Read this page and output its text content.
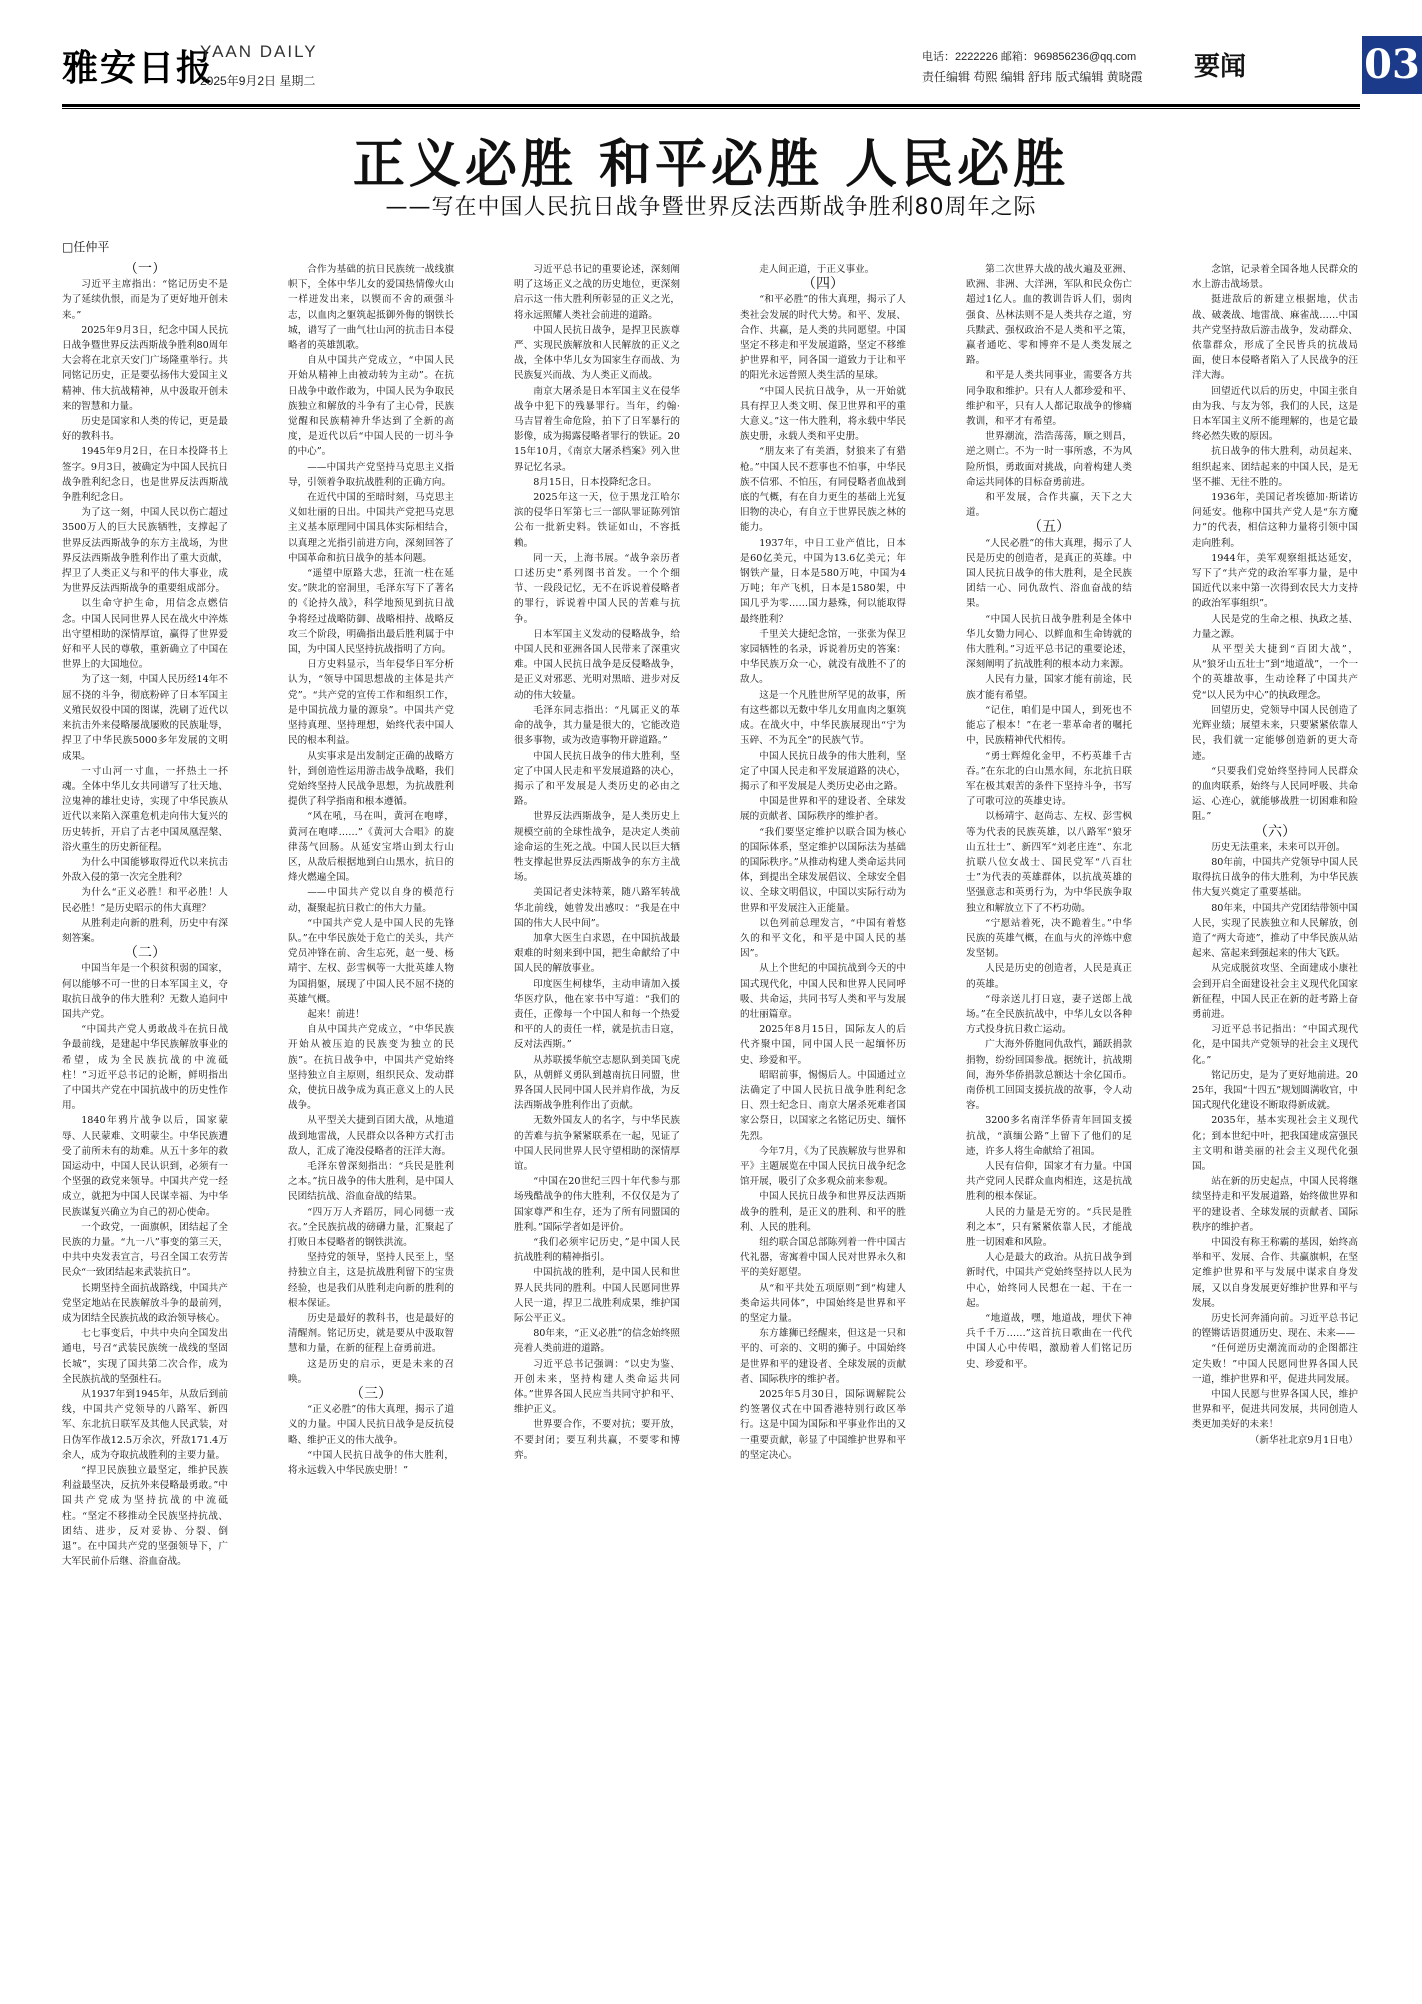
雅安日报
YAAN DAILY
2025年9月2日 星期二
电话：2222226 邮箱：969856236@qq.com
责任编辑 苟熙 编辑 舒玮 版式编辑 黄晓霞 要闻	03
正义必胜 和平必胜 人民必胜
——写在中国人民抗日战争暨世界反法西斯战争胜利80周年之际
□任仲平

（一）

习近平主席指出：“铭记历史不是为了延续仇恨，而是为了更好地开创未来。”

2025年9月3日，纪念中国人民抗日战争暨世界反法西斯战争胜利80周年大会将在北京天安门广场隆重举行。共同铭记历史，正是要弘扬伟大爱国主义精神、伟大抗战精神，从中汲取开创未来的智慧和力量。

历史是国家和人类的传记，更是最好的教科书。

1945年9月2日，在日本投降书上签字。9月3日，被确定为中国人民抗日战争胜利纪念日，也是世界反法西斯战争胜利纪念日。

为了这一刻，中国人民以伤亡超过3500万人的巨大民族牺牲，支撑起了世界反法西斯战争的东方主战场，为世界反法西斯战争胜利作出了重大贡献，捍卫了人类正义与和平的伟大事业，成为世界反法西斯战争的重要组成部分。

以生命守护生命，用信念点燃信念。中国人民同世界人民在战火中淬炼出守望相助的深情厚谊，赢得了世界爱好和平人民的尊敬，重新确立了中国在世界上的大国地位。

为了这一刻，中国人民历经14年不屈不挠的斗争，彻底粉碎了日本军国主义殖民奴役中国的图谋，洗刷了近代以来抗击外来侵略屡战屡败的民族耻辱，捍卫了中华民族5000多年发展的文明成果。

一寸山河一寸血，一抔热土一抔魂。全体中华儿女共同谱写了壮天地、泣鬼神的雄壮史诗，实现了中华民族从近代以来陷入深重危机走向伟大复兴的历史转折，开启了古老中国凤凰涅槃、浴火重生的历史新征程。

为什么中国能够取得近代以来抗击外敌入侵的第一次完全胜利？

为什么“正义必胜！和平必胜！人民必胜！”是历史昭示的伟大真理？

从胜利走向新的胜利，历史中有深刻答案。

（二）

中国当年是一个积贫积弱的国家，何以能够不可一世的日本军国主义，夺取抗日战争的伟大胜利？无数人追问中国共产党。

“中国共产党人勇敢战斗在抗日战争最前线，是建起中华民族解放事业的希望，成为全民族抗战的中流砥柱！”习近平总书记的论断，鲜明指出了中国共产党在中国抗战中的历史性作用。

1840年鸦片战争以后，国家蒙辱、人民蒙难、文明蒙尘。中华民族遭受了前所未有的劫难。从五十多年的救国运动中，中国人民认识到，必须有一个坚强的政党来领导。中国共产党一经成立，就把为中国人民谋幸福、为中华民族谋复兴确立为自己的初心使命。

一个政党，一面旗帜，团结起了全民族的力量。“九一八”事变的第三天，中共中央发表宣言，号召全国工农劳苦民众“一致团结起来武装抗日”。

长期坚持全面抗战路线，中国共产党坚定地站在民族解放斗争的最前列，成为团结全民族抗战的政治领导核心。

七七事变后，中共中央向全国发出通电，号召“武装民族统一战线的坚固长城”，实现了国共第二次合作，成为全民族抗战的坚强柱石。

从1937年到1945年，从敌后到前线，中国共产党领导的八路军、新四军、东北抗日联军及其他人民武装，对日伪军作战12.5万余次，歼敌171.4万余人，成为夺取抗战胜利的主要力量。

“捍卫民族独立最坚定，维护民族利益最坚决，反抗外来侵略最勇敢。”中国共产党成为坚持抗战的中流砥柱。“坚定不移推动全民族坚持抗战、团结、进步，反对妥协、分裂、倒退”。在中国共产党的坚强领导下，广大军民前仆后继、浴血奋战。

合作为基础的抗日民族统一战线旗帜下，全体中华儿女的爱国热情像火山一样迸发出来，以锲而不舍的顽强斗志，以血肉之躯筑起抵御外侮的钢铁长城，谱写了一曲气壮山河的抗击日本侵略者的英雄凯歌。

自从中国共产党成立，“中国人民开始从精神上由被动转为主动”。在抗日战争中敢作敢为，中国人民为争取民族独立和解放的斗争有了主心骨，民族觉醒和民族精神升华达到了全新的高度，是近代以后“中国人民的一切斗争的中心”。

——中国共产党坚持马克思主义指导，引领着争取抗战胜利的正确方向。

在近代中国的至暗时刻，马克思主义如壮丽的日出。中国共产党把马克思主义基本原理同中国具体实际相结合，以真理之光指引前进方向，深刻回答了中国革命和抗日战争的基本问题。

“遥望中原路大悲，狂流一柱在延安。”陕北的窑洞里，毛泽东写下了著名的《论持久战》，科学地预见到抗日战争将经过战略防御、战略相持、战略反攻三个阶段，明确指出最后胜利属于中国，为中国人民坚持抗战指明了方向。

日方史料显示，当年侵华日军分析认为，“领导中国思想战的主体是共产党”。“共产党的宣传工作和组织工作，是中国抗战力量的源泉”。中国共产党坚持真理、坚持理想，始终代表中国人民的根本利益。

从实事求是出发制定正确的战略方针，到创造性运用游击战争战略，我们党始终坚持人民战争思想，为抗战胜利提供了科学指南和根本遵循。

“风在吼，马在叫，黄河在咆哮，黄河在咆哮……”《黄河大合唱》的旋律荡气回肠。从延安宝塔山到太行山区，从敌后根据地到白山黑水，抗日的烽火燃遍全国。

——中国共产党以自身的模范行动，凝聚起抗日救亡的伟大力量。

“中国共产党人是中国人民的先锋队。”在中华民族处于危亡的关头，共产党员冲锋在前、舍生忘死，赵一曼、杨靖宇、左权、彭雪枫等一大批英雄人物为国捐躯，展现了中国人民不屈不挠的英雄气概。

起来！前进！

自从中国共产党成立，“中华民族开始从被压迫的民族变为独立的民族”。在抗日战争中，中国共产党始终坚持独立自主原则，组织民众、发动群众，使抗日战争成为真正意义上的人民战争。

从平型关大捷到百团大战，从地道战到地雷战，人民群众以各种方式打击敌人，汇成了淹没侵略者的汪洋大海。

毛泽东曾深刻指出：“兵民是胜利之本。”抗日战争的伟大胜利，是中国人民团结抗战、浴血奋战的结果。

“四万万人齐蹈厉，同心同德一戎衣。”全民族抗战的磅礴力量，汇聚起了打败日本侵略者的钢铁洪流。

坚持党的领导，坚持人民至上，坚持独立自主，这是抗战胜利留下的宝贵经验，也是我们从胜利走向新的胜利的根本保证。

历史是最好的教科书，也是最好的清醒剂。铭记历史，就是要从中汲取智慧和力量，在新的征程上奋勇前进。

这是历史的启示，更是未来的召唤。

（三）

“正义必胜”的伟大真理，揭示了道义的力量。中国人民抗日战争是反抗侵略、维护正义的伟大战争。

“中国人民抗日战争的伟大胜利，将永远载入中华民族史册！”

习近平总书记的重要论述，深刻阐明了这场正义之战的历史地位，更深刻启示这一伟大胜利所彰显的正义之光，将永远照耀人类社会前进的道路。

中国人民抗日战争，是捍卫民族尊严、实现民族解放和人民解放的正义之战，全体中华儿女为国家生存而战、为民族复兴而战、为人类正义而战。

南京大屠杀是日本军国主义在侵华战争中犯下的残暴罪行。当年，约翰·马吉冒着生命危险，拍下了日军暴行的影像，成为揭露侵略者罪行的铁证。2015年10月，《南京大屠杀档案》列入世界记忆名录。

8月15日，日本投降纪念日。

2025年这一天，位于黑龙江哈尔滨的侵华日军第七三一部队罪证陈列馆公布一批新史料。铁证如山，不容抵赖。

同一天，上海书展。“战争亲历者口述历史”系列图书首发。一个个细节、一段段记忆，无不在诉说着侵略者的罪行，诉说着中国人民的苦难与抗争。

日本军国主义发动的侵略战争，给中国人民和亚洲各国人民带来了深重灾难。中国人民抗日战争是反侵略战争，是正义对邪恶、光明对黑暗、进步对反动的伟大较量。

毛泽东同志指出：“凡属正义的革命的战争，其力量是很大的，它能改造很多事物，或为改造事物开辟道路。”

中国人民抗日战争的伟大胜利，坚定了中国人民走和平发展道路的决心，揭示了和平发展是人类历史的必由之路。

世界反法西斯战争，是人类历史上规模空前的全球性战争，是决定人类前途命运的生死之战。中国人民以巨大牺牲支撑起世界反法西斯战争的东方主战场。

美国记者史沫特莱，随八路军转战华北前线，她曾发出感叹：“我是在中国的伟大人民中间”。

加拿大医生白求恩，在中国抗战最艰难的时刻来到中国，把生命献给了中国人民的解放事业。

印度医生柯棣华，主动申请加入援华医疗队，他在家书中写道：“我们的责任，正像每一个中国人和每一个热爱和平的人的责任一样，就是抗击日寇，反对法西斯。”

从苏联援华航空志愿队到美国飞虎队，从朝鲜义勇队到越南抗日同盟，世界各国人民同中国人民并肩作战，为反法西斯战争胜利作出了贡献。

无数外国友人的名字，与中华民族的苦难与抗争紧紧联系在一起，见证了中国人民同世界人民守望相助的深情厚谊。

“中国在20世纪三四十年代参与那场残酷战争的伟大胜利，不仅仅是为了国家尊严和生存，还为了所有同盟国的胜利。”国际学者如是评价。

“我们必须牢记历史，”是中国人民抗战胜利的精神指引。

中国抗战的胜利，是中国人民和世界人民共同的胜利。中国人民愿同世界人民一道，捍卫二战胜利成果，维护国际公平正义。

80年来，“正义必胜”的信念始终照亮着人类前进的道路。

习近平总书记强调：“以史为鉴、开创未来，坚持构建人类命运共同体。”世界各国人民应当共同守护和平、维护正义。

世界要合作，不要对抗；要开放，不要封闭；要互利共赢，不要零和博弈。

走人间正道，于正义事业。

（四）

“和平必胜”的伟大真理，揭示了人类社会发展的时代大势。和平、发展、合作、共赢，是人类的共同愿望。中国坚定不移走和平发展道路，坚定不移维护世界和平，同各国一道致力于让和平的阳光永远普照人类生活的星球。

“中国人民抗日战争，从一开始就具有捍卫人类文明、保卫世界和平的重大意义。”这一伟大胜利，将永载中华民族史册，永载人类和平史册。

“朋友来了有美酒，豺狼来了有猎枪。”中国人民不惹事也不怕事，中华民族不信邪、不怕压，有同侵略者血战到底的气概，有在自力更生的基础上光复旧物的决心，有自立于世界民族之林的能力。

1937年，中日工业产值比，日本是60亿美元，中国为13.6亿美元；年钢铁产量，日本是580万吨，中国为4万吨；年产飞机，日本是1580架，中国几乎为零……国力悬殊，何以能取得最终胜利？

千里关大捷纪念馆，一张张为保卫家园牺牲的名录，诉说着历史的答案：中华民族万众一心，就没有战胜不了的敌人。

这是一个凡胜世所罕见的故事，所有这些都以无数中华儿女用血肉之躯筑成。在战火中，中华民族展现出“宁为玉碎、不为瓦全”的民族气节。

中国人民抗日战争的伟大胜利，坚定了中国人民走和平发展道路的决心，揭示了和平发展是人类历史必由之路。

中国是世界和平的建设者、全球发展的贡献者、国际秩序的维护者。

“我们要坚定维护以联合国为核心的国际体系，坚定维护以国际法为基础的国际秩序。”从推动构建人类命运共同体，到提出全球发展倡议、全球安全倡议、全球文明倡议，中国以实际行动为世界和平发展注入正能量。

以色列前总理发言，“中国有着悠久的和平文化，和平是中国人民的基因”。

从上个世纪的中国抗战到今天的中国式现代化，中国人民和世界人民同呼吸、共命运，共同书写人类和平与发展的壮丽篇章。

2025年8月15日，国际友人的后代齐聚中国，同中国人民一起缅怀历史、珍爱和平。

昭昭前事，惕惕后人。中国通过立法确定了中国人民抗日战争胜利纪念日、烈士纪念日、南京大屠杀死难者国家公祭日，以国家之名铭记历史、缅怀先烈。

今年7月，《为了民族解放与世界和平》主题展览在中国人民抗日战争纪念馆开展，吸引了众多观众前来参观。

中国人民抗日战争和世界反法西斯战争的胜利，是正义的胜利、和平的胜利、人民的胜利。

纽约联合国总部陈列着一件中国古代礼器，寄寓着中国人民对世界永久和平的美好愿望。

从“和平共处五项原则”到“构建人类命运共同体”，中国始终是世界和平的坚定力量。

东方雄狮已经醒来，但这是一只和平的、可亲的、文明的狮子。中国始终是世界和平的建设者、全球发展的贡献者、国际秩序的维护者。

2025年5月30日，国际调解院公约签署仪式在中国香港特别行政区举行。这是中国为国际和平事业作出的又一重要贡献，彰显了中国维护世界和平的坚定决心。

第二次世界大战的战火遍及亚洲、欧洲、非洲、大洋洲，军队和民众伤亡超过1亿人。血的教训告诉人们，弱肉强食、丛林法则不是人类共存之道，穷兵黩武、强权政治不是人类和平之策，赢者通吃、零和博弈不是人类发展之路。

和平是人类共同事业，需要各方共同争取和维护。只有人人都珍爱和平、维护和平，只有人人都记取战争的惨痛教训，和平才有希望。

世界潮流，浩浩荡荡，顺之则昌，逆之则亡。不为一时一事所惑，不为风险所惧，勇敢面对挑战，向着构建人类命运共同体的目标奋勇前进。

和平发展，合作共赢，天下之大道。

（五）

“人民必胜”的伟大真理，揭示了人民是历史的创造者，是真正的英雄。中国人民抗日战争的伟大胜利，是全民族团结一心、同仇敌忾、浴血奋战的结果。

“中国人民抗日战争胜利是全体中华儿女勠力同心、以鲜血和生命铸就的伟大胜利。”习近平总书记的重要论述，深刻阐明了抗战胜利的根本动力来源。

人民有力量，国家才能有前途，民族才能有希望。

“记住，咱们是中国人，到死也不能忘了根本！”在老一辈革命者的嘱托中，民族精神代代相传。

“勇士辉煌化金甲，不朽英雄千古吞。”在东北的白山黑水间，东北抗日联军在极其艰苦的条件下坚持斗争，书写了可歌可泣的英雄史诗。

以杨靖宇、赵尚志、左权、彭雪枫等为代表的民族英雄，以八路军“狼牙山五壮士”、新四军“刘老庄连”、东北抗联八位女战士、国民党军“八百壮士”为代表的英雄群体，以抗战英雄的坚强意志和英勇行为，为中华民族争取独立和解放立下了不朽功勋。

“宁愿站着死，决不跪着生。”中华民族的英雄气概，在血与火的淬炼中愈发坚韧。

人民是历史的创造者，人民是真正的英雄。

“母亲送儿打日寇，妻子送郎上战场。”在全民族抗战中，中华儿女以各种方式投身抗日救亡运动。

广大海外侨胞同仇敌忾，踊跃捐款捐物，纷纷回国参战。据统计，抗战期间，海外华侨捐款总额达十余亿国币。南侨机工回国支援抗战的故事，令人动容。

3200多名南洋华侨青年回国支援抗战，“滇缅公路”上留下了他们的足迹，许多人将生命献给了祖国。

人民有信仰，国家才有力量。中国共产党同人民群众血肉相连，这是抗战胜利的根本保证。

人民的力量是无穷的。“兵民是胜利之本”，只有紧紧依靠人民，才能战胜一切困难和风险。

人心是最大的政治。从抗日战争到新时代，中国共产党始终坚持以人民为中心，始终同人民想在一起、干在一起。

“地道战，嘿，地道战，埋伏下神兵千千万……”这首抗日歌曲在一代代中国人心中传唱，激励着人们铭记历史、珍爱和平。

念馆，记录着全国各地人民群众的水上游击战场景。

挺进敌后的新建立根据地，伏击战、破袭战、地雷战、麻雀战……中国共产党坚持敌后游击战争，发动群众、依靠群众，形成了全民皆兵的抗战局面，使日本侵略者陷入了人民战争的汪洋大海。

回望近代以后的历史，中国主张自由为我、与友为邻，我们的人民，这是日本军国主义所不能理解的，也是它最终必然失败的原因。

抗日战争的伟大胜利，动员起来、组织起来、团结起来的中国人民，是无坚不摧、无往不胜的。

1936年，美国记者埃德加·斯诺访问延安。他称中国共产党人是“东方魔力”的代表，相信这种力量将引领中国走向胜利。

1944年，美军观察组抵达延安，写下了“共产党的政治军事力量，是中国近代以来中第一次得到农民大力支持的政治军事组织”。

人民是党的生命之根、执政之基、力量之源。

从平型关大捷到“百团大战”，从“狼牙山五壮士”到“地道战”，一个一个的英雄故事，生动诠释了中国共产党“以人民为中心”的执政理念。

回望历史，党领导中国人民创造了光辉业绩；展望未来，只要紧紧依靠人民，我们就一定能够创造新的更大奇迹。

“只要我们党始终坚持同人民群众的血肉联系，始终与人民同呼吸、共命运、心连心，就能够战胜一切困难和险阻。”

（六）

历史无法重来，未来可以开创。

80年前，中国共产党领导中国人民取得抗日战争的伟大胜利，为中华民族伟大复兴奠定了重要基础。

80年来，中国共产党团结带领中国人民，实现了民族独立和人民解放，创造了“两大奇迹”，推动了中华民族从站起来、富起来到强起来的伟大飞跃。

从完成脱贫攻坚、全面建成小康社会到开启全面建设社会主义现代化国家新征程，中国人民正在新的赶考路上奋勇前进。

习近平总书记指出：“中国式现代化，是中国共产党领导的社会主义现代化。”

铭记历史，是为了更好地前进。2025年，我国“十四五”规划圆满收官，中国式现代化建设不断取得新成就。

2035年，基本实现社会主义现代化；到本世纪中叶，把我国建成富强民主文明和谐美丽的社会主义现代化强国。

站在新的历史起点，中国人民将继续坚持走和平发展道路，始终做世界和平的建设者、全球发展的贡献者、国际秩序的维护者。

中国没有称王称霸的基因，始终高举和平、发展、合作、共赢旗帜，在坚定维护世界和平与发展中谋求自身发展，又以自身发展更好维护世界和平与发展。

历史长河奔涌向前。习近平总书记的铿锵话语贯通历史、现在、未来——

“任何逆历史潮流而动的企图都注定失败！”中国人民愿同世界各国人民一道，维护世界和平，促进共同发展。

中国人民愿与世界各国人民，维护世界和平，促进共同发展，共同创造人类更加美好的未来！

（新华社北京9月1日电）
